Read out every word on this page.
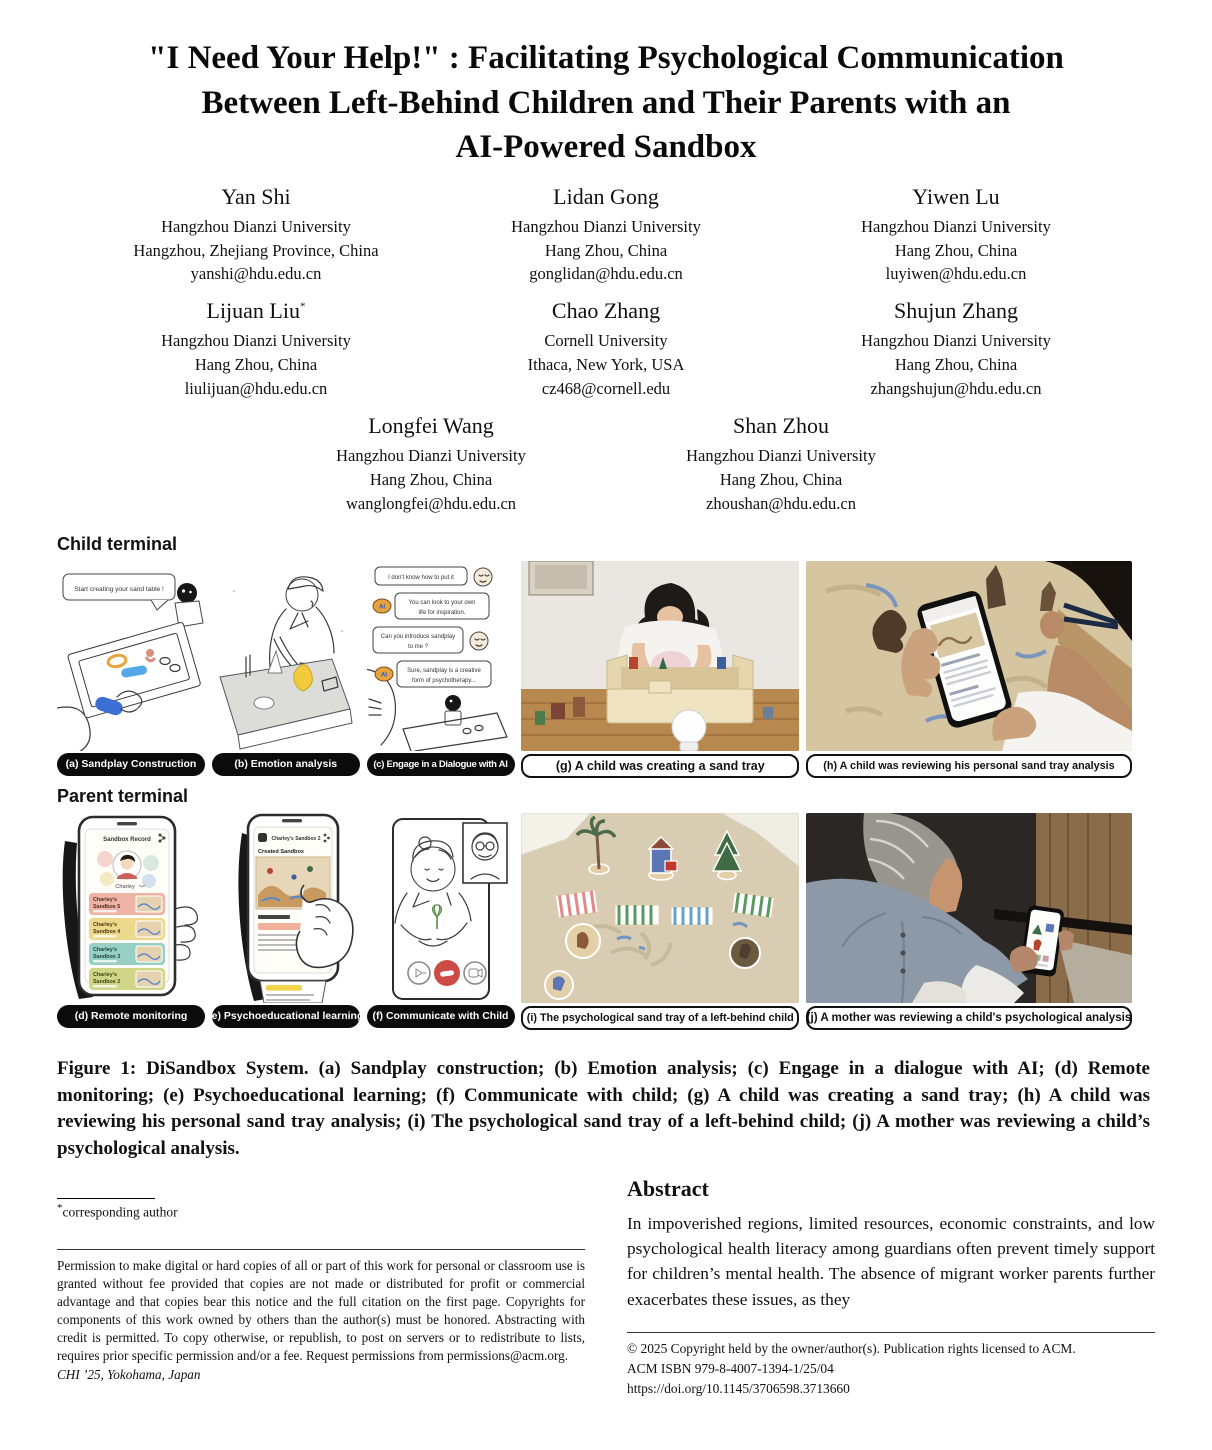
"I Need Your Help!" : Facilitating Psychological Communication
Between Left-Behind Children and Their Parents with an
AI-Powered Sandbox
Yan Shi
Hangzhou Dianzi University
Hangzhou, Zhejiang Province, China
yanshi@hdu.edu.cn
Lidan Gong
Hangzhou Dianzi University
Hang Zhou, China
gonglidan@hdu.edu.cn
Yiwen Lu
Hangzhou Dianzi University
Hang Zhou, China
luyiwen@hdu.edu.cn
Lijuan Liu*
Hangzhou Dianzi University
Hang Zhou, China
liulijuan@hdu.edu.cn
Chao Zhang
Cornell University
Ithaca, New York, USA
cz468@cornell.edu
Shujun Zhang
Hangzhou Dianzi University
Hang Zhou, China
zhangshujun@hdu.edu.cn
Longfei Wang
Hangzhou Dianzi University
Hang Zhou, China
wanglongfei@hdu.edu.cn
Shan Zhou
Hangzhou Dianzi University
Hang Zhou, China
zhoushan@hdu.edu.cn
Child terminal
Start creating your sand table !
(a) Sandplay Construction	(b) Emotion analysis
I don't know how to put it
AI
You can look to your own
life for inspiration.
Can you introduce sandplay
to me ?
AI
Sure, sandplay is a creative
form of psychotherapy...
(c) Engage in a Dialogue with AI	(g) A child was creating a sand tray	(h) A child was reviewing his personal sand tray analysis
Parent terminal
Sandbox Record
Charley
Charley's
Sandbox 5
Charley's
Sandbox 4
Charley's
Sandbox 3
Charley's
Sandbox 2
(d) Remote monitoring
Charley's Sandbox 2
Created Sandbox
(e) Psychoeducational learning (f) Communicate with Child	(i) The psychological sand tray of a left-behind child	(j) A mother was reviewing a child's psychological analysis
Figure 1: DiSandbox System. (a) Sandplay construction; (b) Emotion analysis; (c) Engage in a dialogue with AI; (d) Remote monitoring; (e) Psychoeducational learning; (f) Communicate with child; (g) A child was creating a sand tray; (h) A child was reviewing his personal sand tray analysis; (i) The psychological sand tray of a left-behind child; (j) A mother was reviewing a child’s psychological analysis.
*corresponding author
Permission to make digital or hard copies of all or part of this work for personal or classroom use is granted without fee provided that copies are not made or distributed for profit or commercial advantage and that copies bear this notice and the full citation on the first page. Copyrights for components of this work owned by others than the author(s) must be honored. Abstracting with credit is permitted. To copy otherwise, or republish, to post on servers or to redistribute to lists, requires prior specific permission and/or a fee. Request permissions from permissions@acm.org.
CHI ’25, Yokohama, Japan
Abstract
In impoverished regions, limited resources, economic constraints, and low psychological health literacy among guardians often prevent timely support for children’s mental health. The absence of migrant worker parents further exacerbates these issues, as they
© 2025 Copyright held by the owner/author(s). Publication rights licensed to ACM.
ACM ISBN 979-8-4007-1394-1/25/04
https://doi.org/10.1145/3706598.3713660
